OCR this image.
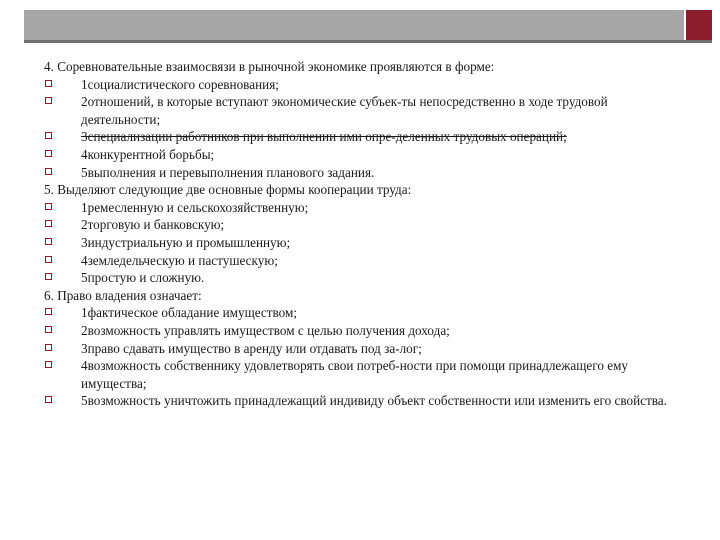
4. Соревновательные взаимосвязи в рыночной экономике проявляются в форме:

1социалистического соревнования;
2отношений, в которые вступают экономические субъек-ты непосредственно в ходе трудовой деятельности;
3специализации работников при выполнении ими опре-деленных трудовых операций;
4конкурентной борьбы;
5выполнения и перевыполнения планового задания.

5. Выделяют следующие две основные формы кооперации труда:

1ремесленную и сельскохозяйственную;
2торговую и банковскую;
3индустриальную и промышленную;
4земледельческую и пастушескую;
5простую и сложную.

6. Право владения означает:

1фактическое обладание имуществом;
2возможность управлять имуществом с целью получения дохода;
3право сдавать имущество в аренду или отдавать под за-лог;
4возможность собственнику удовлетворять свои потреб-ности при помощи принадлежащего ему имущества;
5возможность уничтожить принадлежащий индивиду объект собственности или изменить его свойства.
